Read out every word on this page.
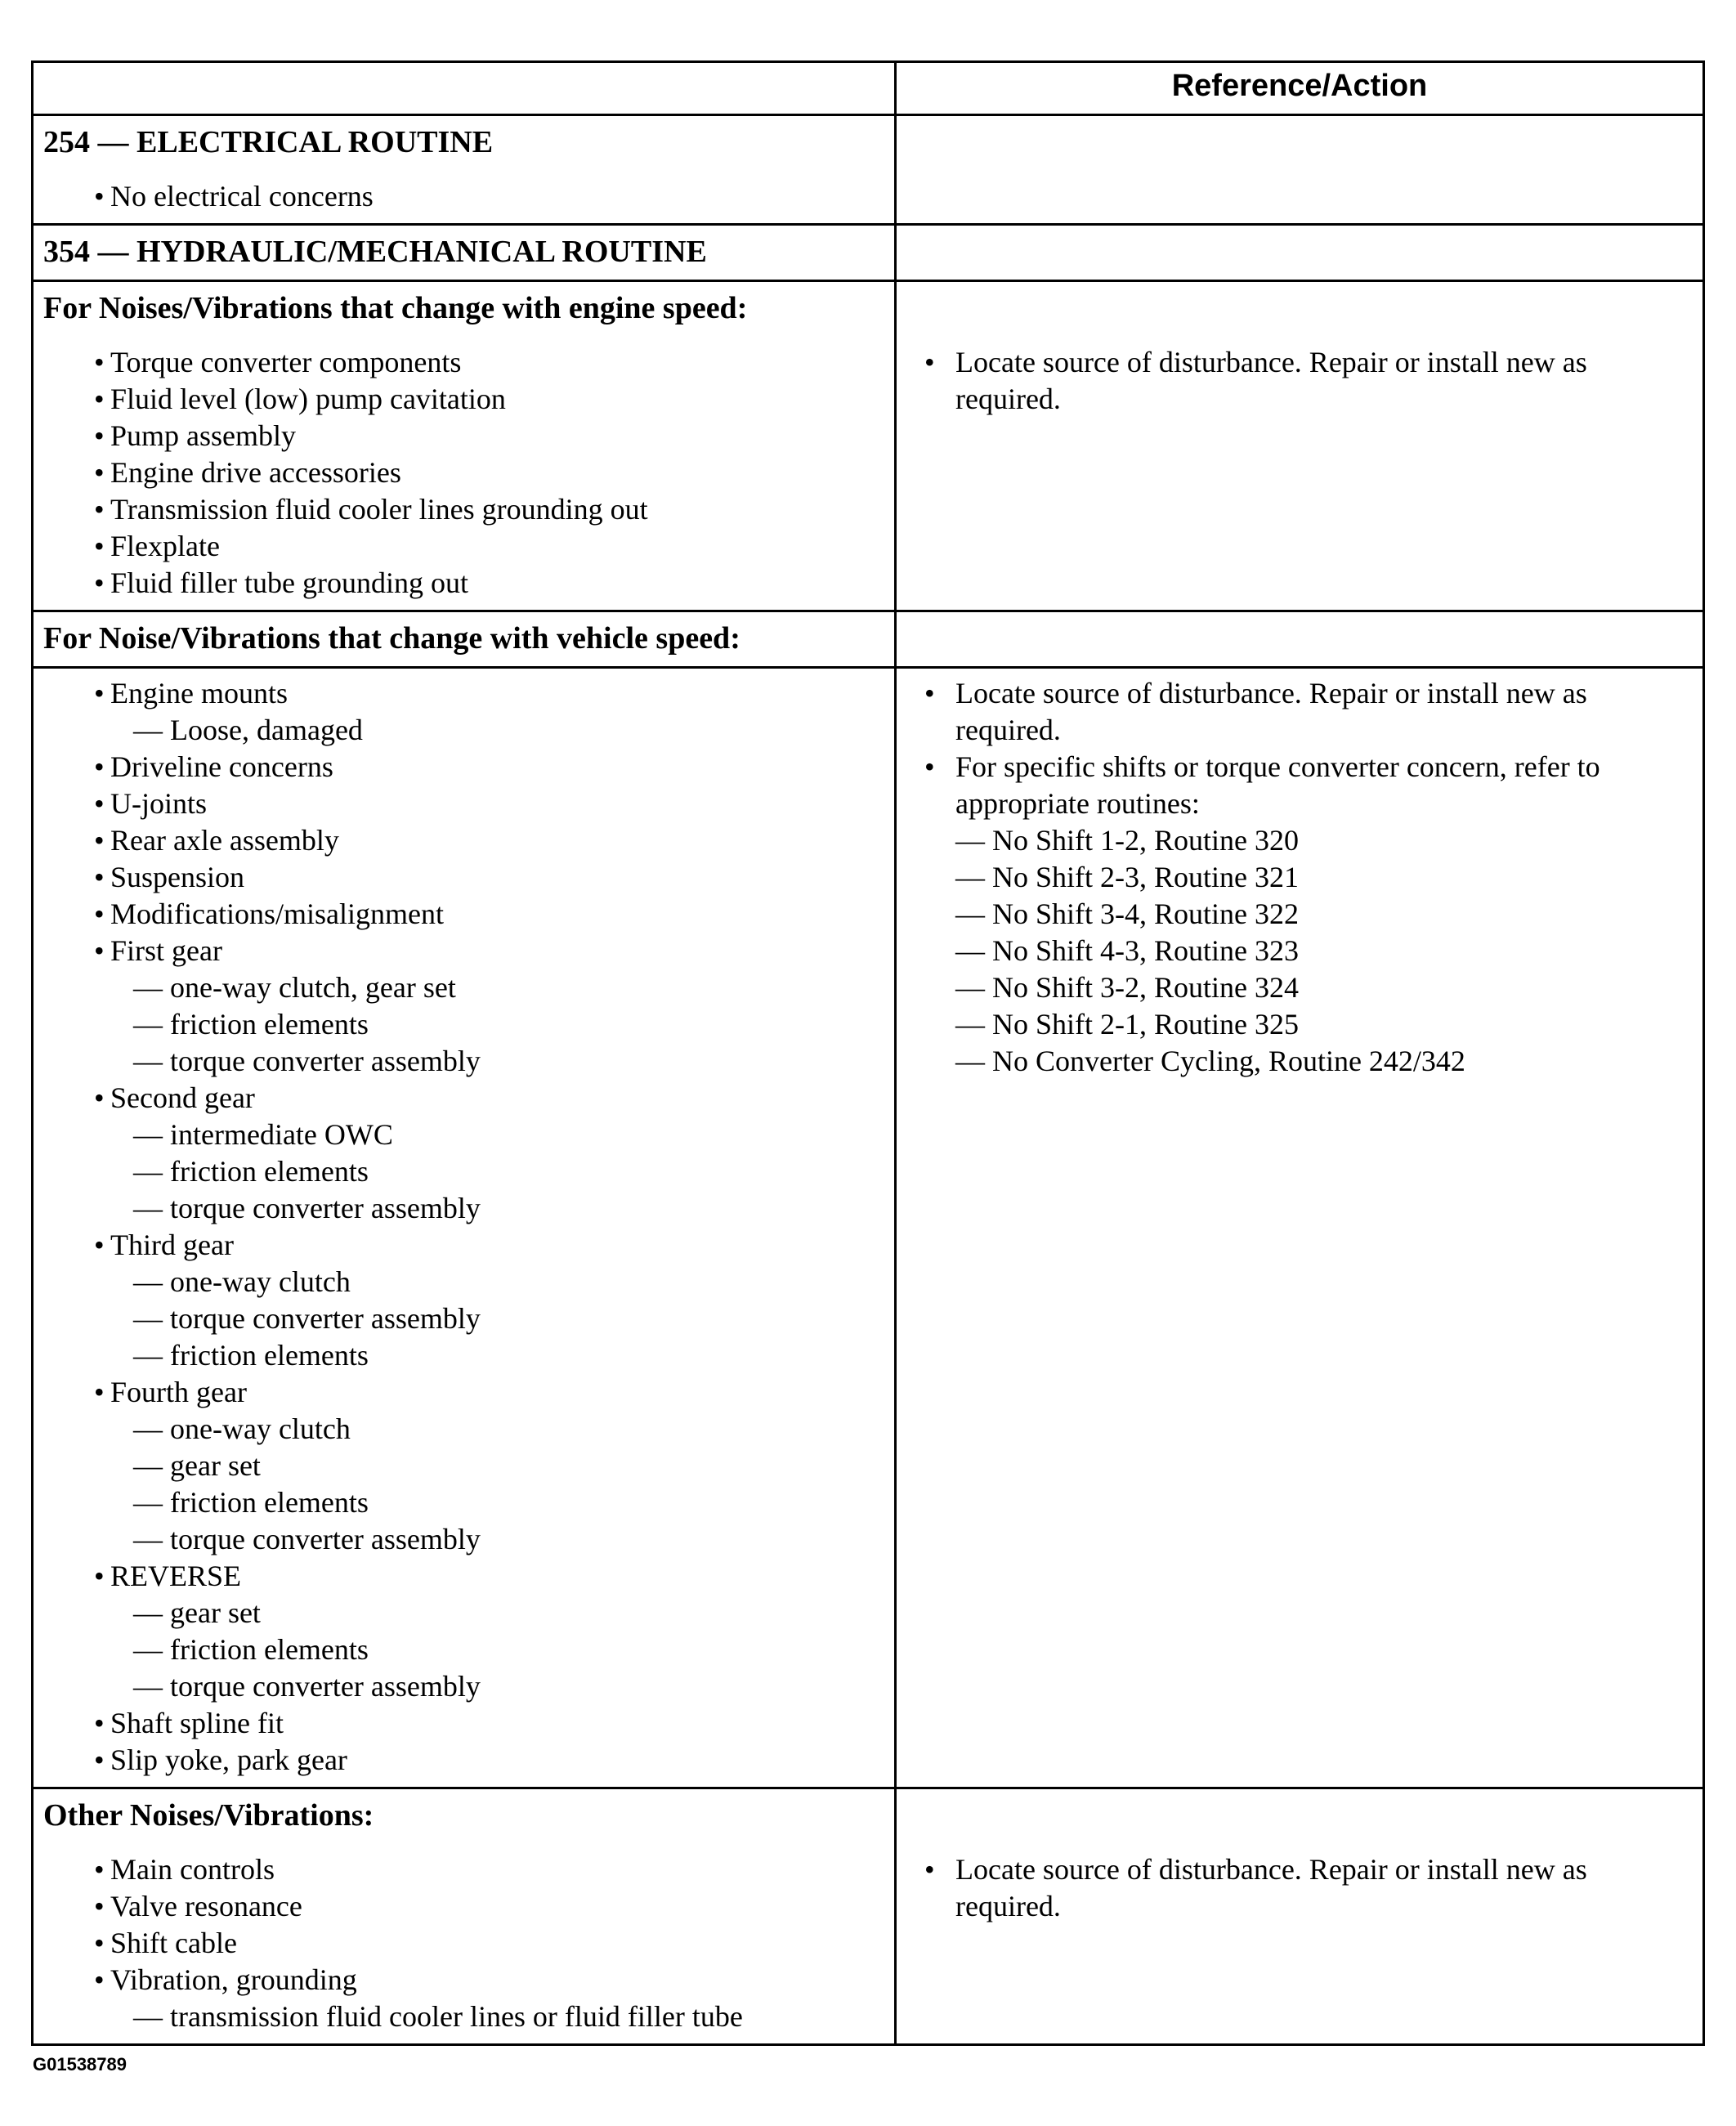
Reference/Action
254 — ELECTRICAL ROUTINE
• No electrical concerns
354 — HYDRAULIC/MECHANICAL ROUTINE
For Noises/Vibrations that change with engine speed:
• Torque converter components
• Fluid level (low) pump cavitation
• Pump assembly
• Engine drive accessories
• Transmission fluid cooler lines grounding out
• Flexplate
• Fluid filler tube grounding out
• Locate source of disturbance. Repair or install new as required.
For Noise/Vibrations that change with vehicle speed:
• Engine mounts
— Loose, damaged
• Driveline concerns
• U-joints
• Rear axle assembly
• Suspension
• Modifications/misalignment
• First gear
— one-way clutch, gear set
— friction elements
— torque converter assembly
• Second gear
— intermediate OWC
— friction elements
— torque converter assembly
• Third gear
— one-way clutch
— torque converter assembly
— friction elements
• Fourth gear
— one-way clutch
— gear set
— friction elements
— torque converter assembly
• REVERSE
— gear set
— friction elements
— torque converter assembly
• Shaft spline fit
• Slip yoke, park gear
• Locate source of disturbance. Repair or install new as required.
• For specific shifts or torque converter concern, refer to appropriate routines:
— No Shift 1-2, Routine 320
— No Shift 2-3, Routine 321
— No Shift 3-4, Routine 322
— No Shift 4-3, Routine 323
— No Shift 3-2, Routine 324
— No Shift 2-1, Routine 325
— No Converter Cycling, Routine 242/342
Other Noises/Vibrations:
• Main controls
• Valve resonance
• Shift cable
• Vibration, grounding
— transmission fluid cooler lines or fluid filler tube
• Locate source of disturbance. Repair or install new as required.
G01538789
